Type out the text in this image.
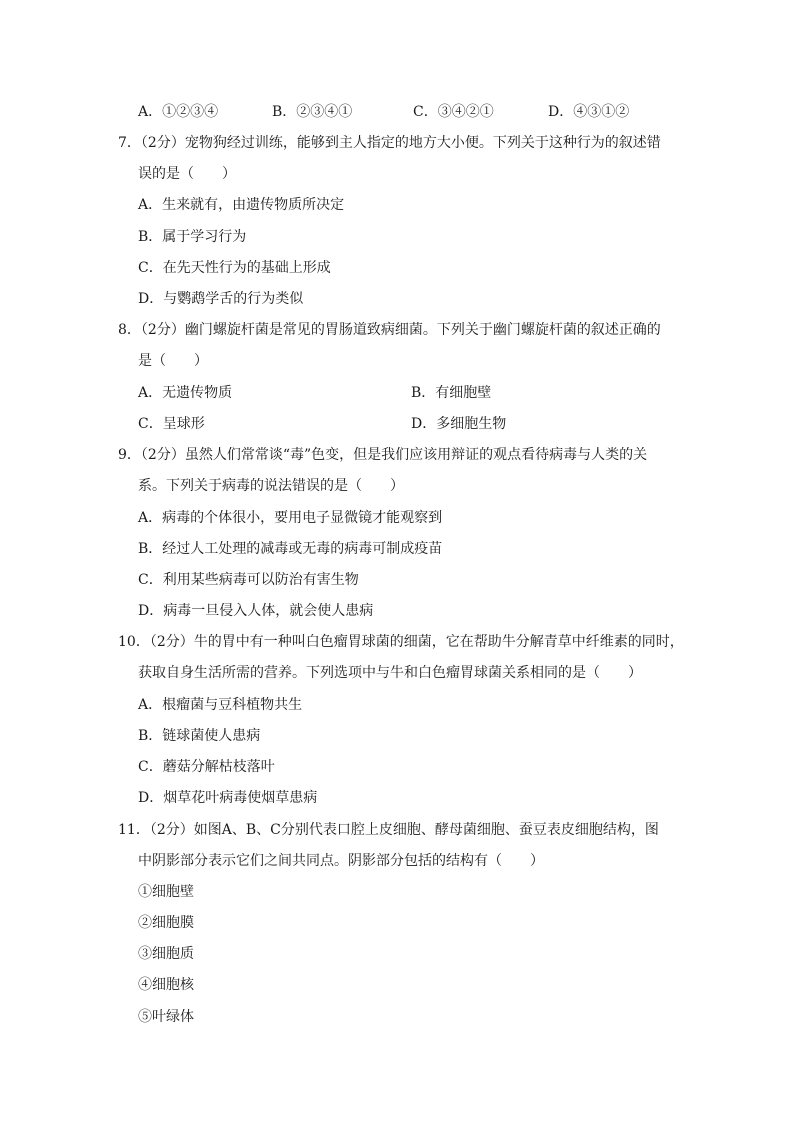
A．①②③④	B．②③④①	C．③④②①	D．④③①②
7．（2分）宠物狗经过训练，能够到主人指定的地方大小便。下列关于这种行为的叙述错
误的是（　　）
A．生来就有，由遗传物质所决定
B．属于学习行为
C．在先天性行为的基础上形成
D．与鹦鹉学舌的行为类似
8．（2分）幽门螺旋杆菌是常见的胃肠道致病细菌。下列关于幽门螺旋杆菌的叙述正确的
是（　　）
A．无遗传物质	B．有细胞壁
C．呈球形	D．多细胞生物
9．（2分）虽然人们常常谈“毒”色变，但是我们应该用辩证的观点看待病毒与人类的关
系。下列关于病毒的说法错误的是（　　）
A．病毒的个体很小，要用电子显微镜才能观察到
B．经过人工处理的减毒或无毒的病毒可制成疫苗
C．利用某些病毒可以防治有害生物
D．病毒一旦侵入人体，就会使人患病
10．（2分）牛的胃中有一种叫白色瘤胃球菌的细菌，它在帮助牛分解青草中纤维素的同时，
获取自身生活所需的营养。下列选项中与牛和白色瘤胃球菌关系相同的是（　　）
A．根瘤菌与豆科植物共生
B．链球菌使人患病
C．蘑菇分解枯枝落叶
D．烟草花叶病毒使烟草患病
11．（2分）如图A、B、C分别代表口腔上皮细胞、酵母菌细胞、蚕豆表皮细胞结构，图
中阴影部分表示它们之间共同点。阴影部分包括的结构有（　　）
①细胞壁
②细胞膜
③细胞质
④细胞核
⑤叶绿体
